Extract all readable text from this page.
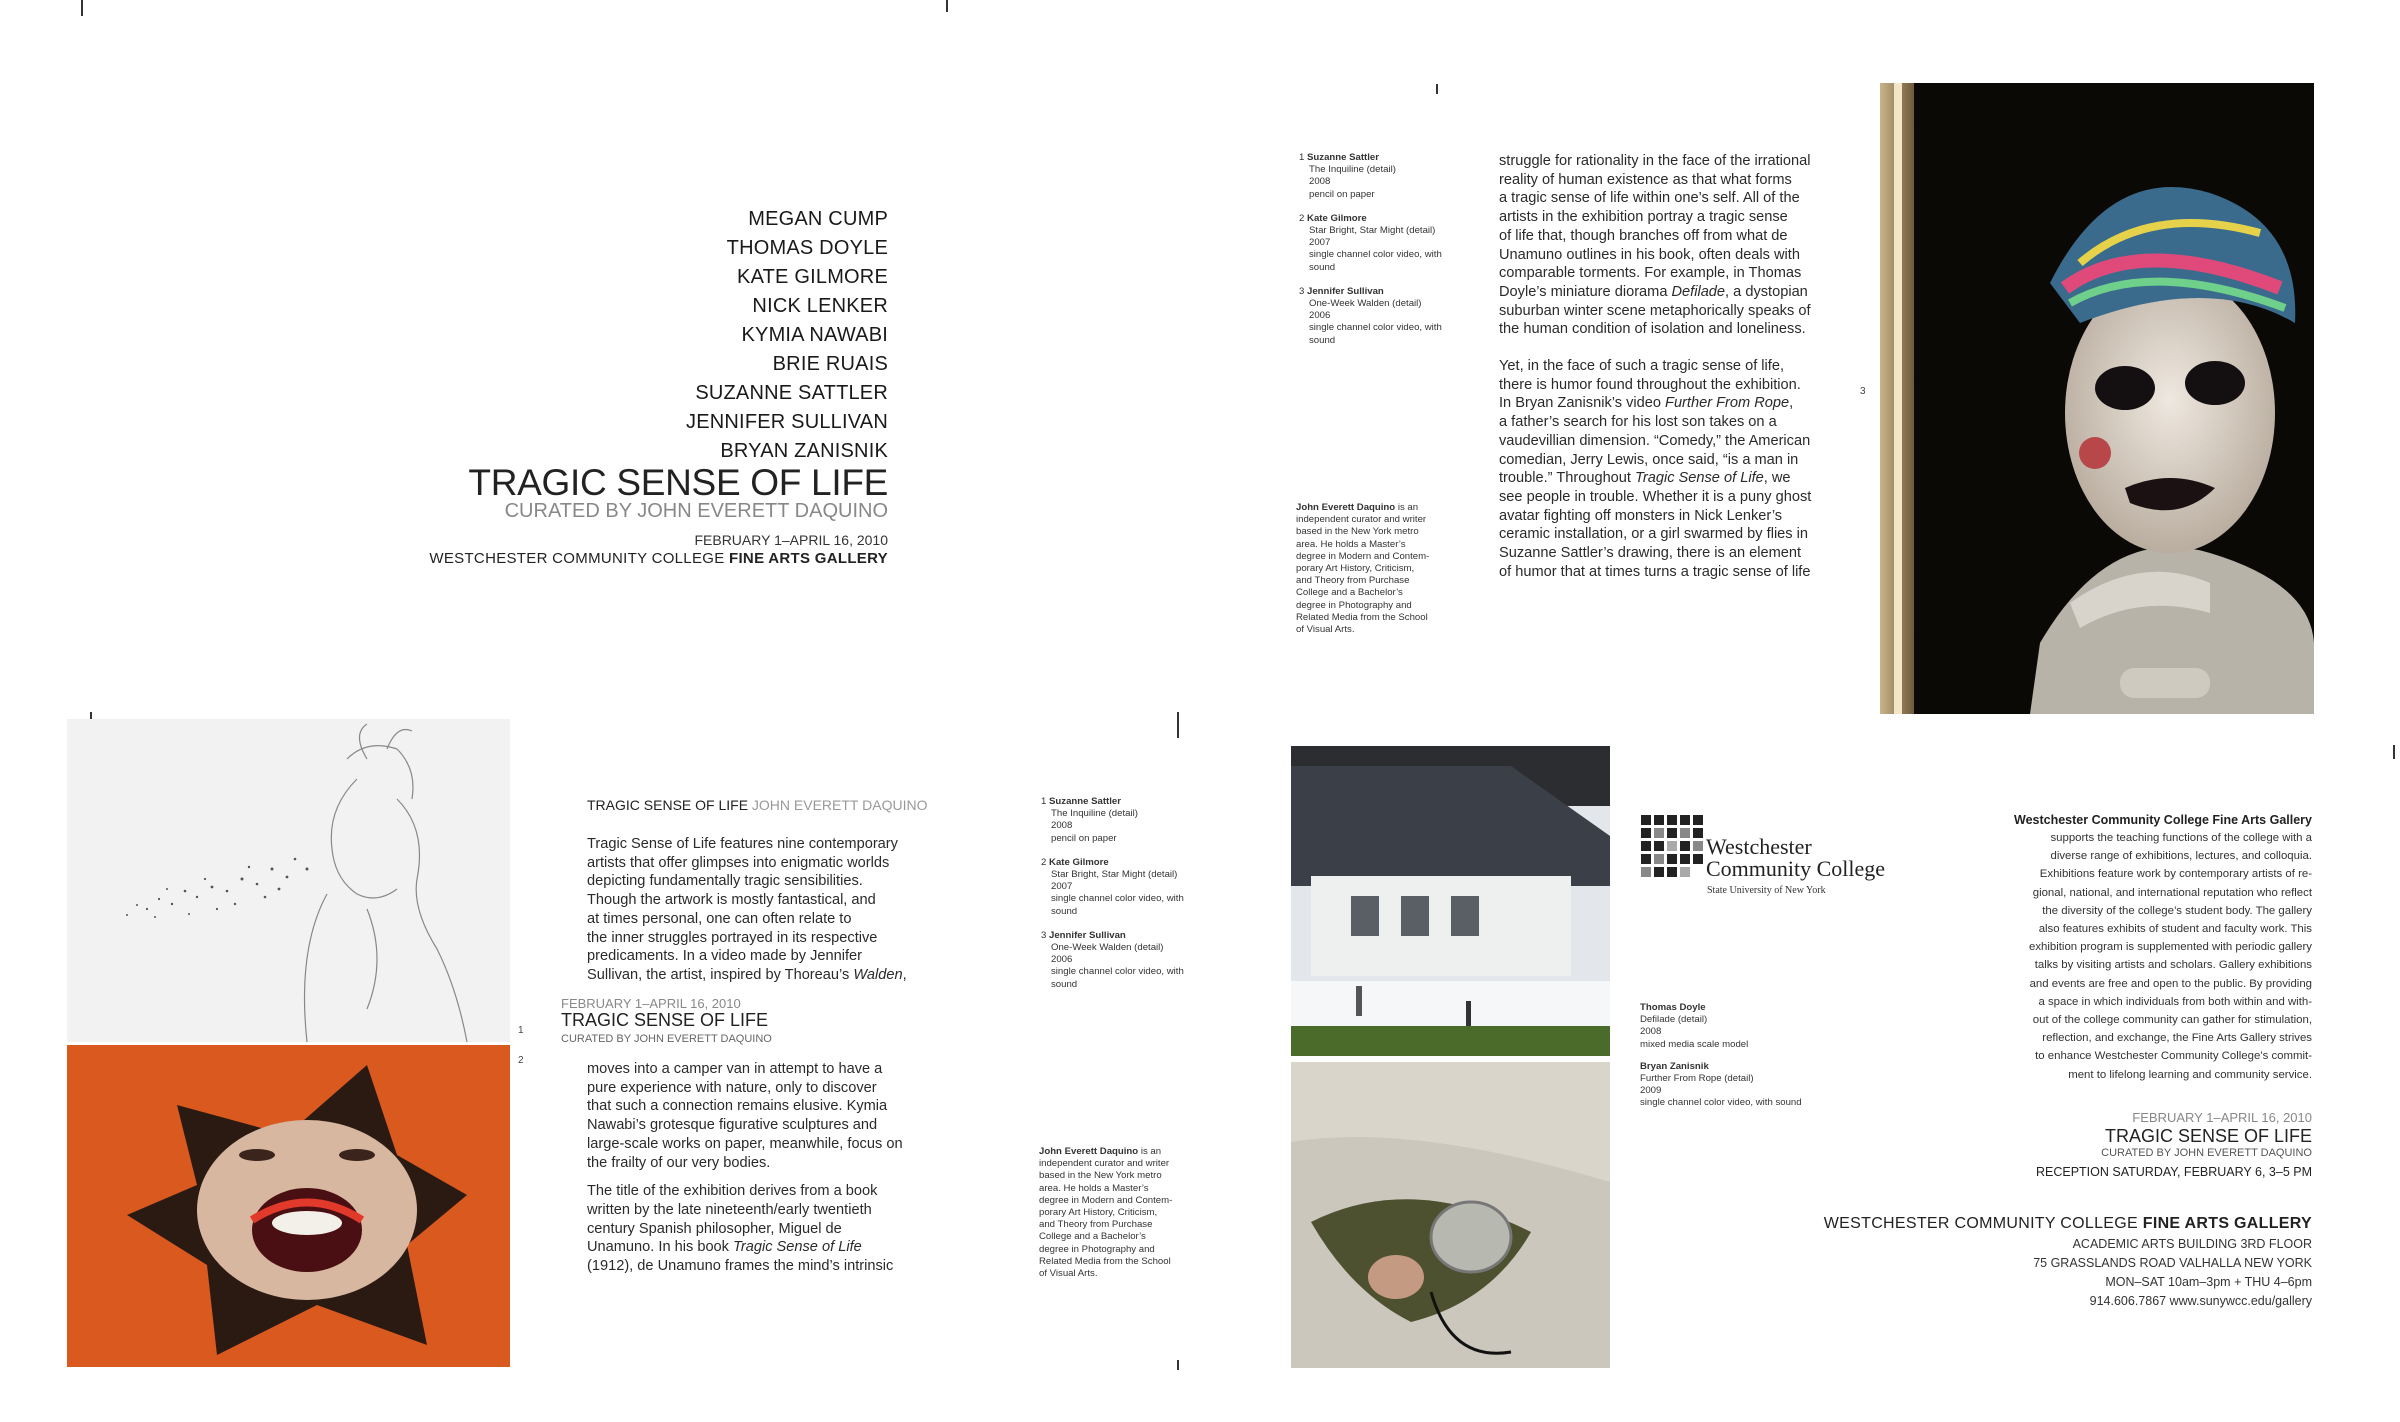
MEGAN CUMP
THOMAS DOYLE
KATE GILMORE
NICK LENKER
KYMIA NAWABI
BRIE RUAIS
SUZANNE SATTLER
JENNIFER SULLIVAN
BRYAN ZANISNIK
TRAGIC SENSE OF LIFE
CURATED BY JOHN EVERETT DAQUINO
FEBRUARY 1–APRIL 16, 2010
WESTCHESTER COMMUNITY COLLEGE FINE ARTS GALLERY
1 Suzanne Sattler
The Inquiline (detail)
2008
pencil on paper
2 Kate Gilmore
Star Bright, Star Might (detail)
2007
single channel color video, with
sound
3 Jennifer Sullivan
One-Week Walden (detail)
2006
single channel color video, with
sound
John Everett Daquino is an
independent curator and writer
based in the New York metro
area. He holds a Master’s
degree in Modern and Contem-
porary Art History, Criticism,
and Theory from Purchase
College and a Bachelor’s
degree in Photography and
Related Media from the School
of Visual Arts.
struggle for rationality in the face of the irrational
reality of human existence as that what forms
a tragic sense of life within one’s self. All of the
artists in the exhibition portray a tragic sense
of life that, though branches off from what de
Unamuno outlines in his book, often deals with
comparable torments. For example, in Thomas
Doyle’s miniature diorama Defilade, a dystopian
suburban winter scene metaphorically speaks of
the human condition of isolation and loneliness.

Yet, in the face of such a tragic sense of life,
there is humor found throughout the exhibition.
In Bryan Zanisnik’s video Further From Rope,
a father’s search for his lost son takes on a
vaudevillian dimension. “Comedy,” the American
comedian, Jerry Lewis, once said, “is a man in
trouble.” Throughout Tragic Sense of Life, we
see people in trouble. Whether it is a puny ghost
avatar fighting off monsters in Nick Lenker’s
ceramic installation, or a girl swarmed by flies in
Suzanne Sattler’s drawing, there is an element
of humor that at times turns a tragic sense of life
3
1
2
TRAGIC SENSE OF LIFE JOHN EVERETT DAQUINO
Tragic Sense of Life features nine contemporary
artists that offer glimpses into enigmatic worlds
depicting fundamentally tragic sensibilities.
Though the artwork is mostly fantastical, and
at times personal, one can often relate to
the inner struggles portrayed in its respective
predicaments. In a video made by Jennifer
Sullivan, the artist, inspired by Thoreau’s Walden,
FEBRUARY 1–APRIL 16, 2010
TRAGIC SENSE OF LIFE
CURATED BY JOHN EVERETT DAQUINO
moves into a camper van in attempt to have a
pure experience with nature, only to discover
that such a connection remains elusive. Kymia
Nawabi’s grotesque figurative sculptures and
large-scale works on paper, meanwhile, focus on
the frailty of our very bodies.

The title of the exhibition derives from a book
written by the late nineteenth/early twentieth
century Spanish philosopher, Miguel de
Unamuno. In his book Tragic Sense of Life
(1912), de Unamuno frames the mind’s intrinsic
1 Suzanne Sattler
The Inquiline (detail)
2008
pencil on paper
2 Kate Gilmore
Star Bright, Star Might (detail)
2007
single channel color video, with
sound
3 Jennifer Sullivan
One-Week Walden (detail)
2006
single channel color video, with
sound
John Everett Daquino is an
independent curator and writer
based in the New York metro
area. He holds a Master’s
degree in Modern and Contem-
porary Art History, Criticism,
and Theory from Purchase
College and a Bachelor’s
degree in Photography and
Related Media from the School
of Visual Arts.
Westchester
Community College
State University of New York
Thomas Doyle
Defilade (detail)
2008
mixed media scale model

Bryan Zanisnik
Further From Rope (detail)
2009
single channel color video, with sound
Westchester Community College Fine Arts Gallery
supports the teaching functions of the college with a
diverse range of exhibitions, lectures, and colloquia.
Exhibitions feature work by contemporary artists of re-
gional, national, and international reputation who reflect
the diversity of the college’s student body. The gallery
also features exhibits of student and faculty work. This
exhibition program is supplemented with periodic gallery
talks by visiting artists and scholars. Gallery exhibitions
and events are free and open to the public. By providing
a space in which individuals from both within and with-
out of the college community can gather for stimulation,
reflection, and exchange, the Fine Arts Gallery strives
to enhance Westchester Community College’s commit-
ment to lifelong learning and community service.
FEBRUARY 1–APRIL 16, 2010
TRAGIC SENSE OF LIFE
CURATED BY JOHN EVERETT DAQUINO
RECEPTION SATURDAY, FEBRUARY 6, 3–5 PM
WESTCHESTER COMMUNITY COLLEGE FINE ARTS GALLERY
ACADEMIC ARTS BUILDING 3RD FLOOR
75 GRASSLANDS ROAD VALHALLA NEW YORK
MON–SAT 10am–3pm + THU 4–6pm
914.606.7867 www.sunywcc.edu/gallery
